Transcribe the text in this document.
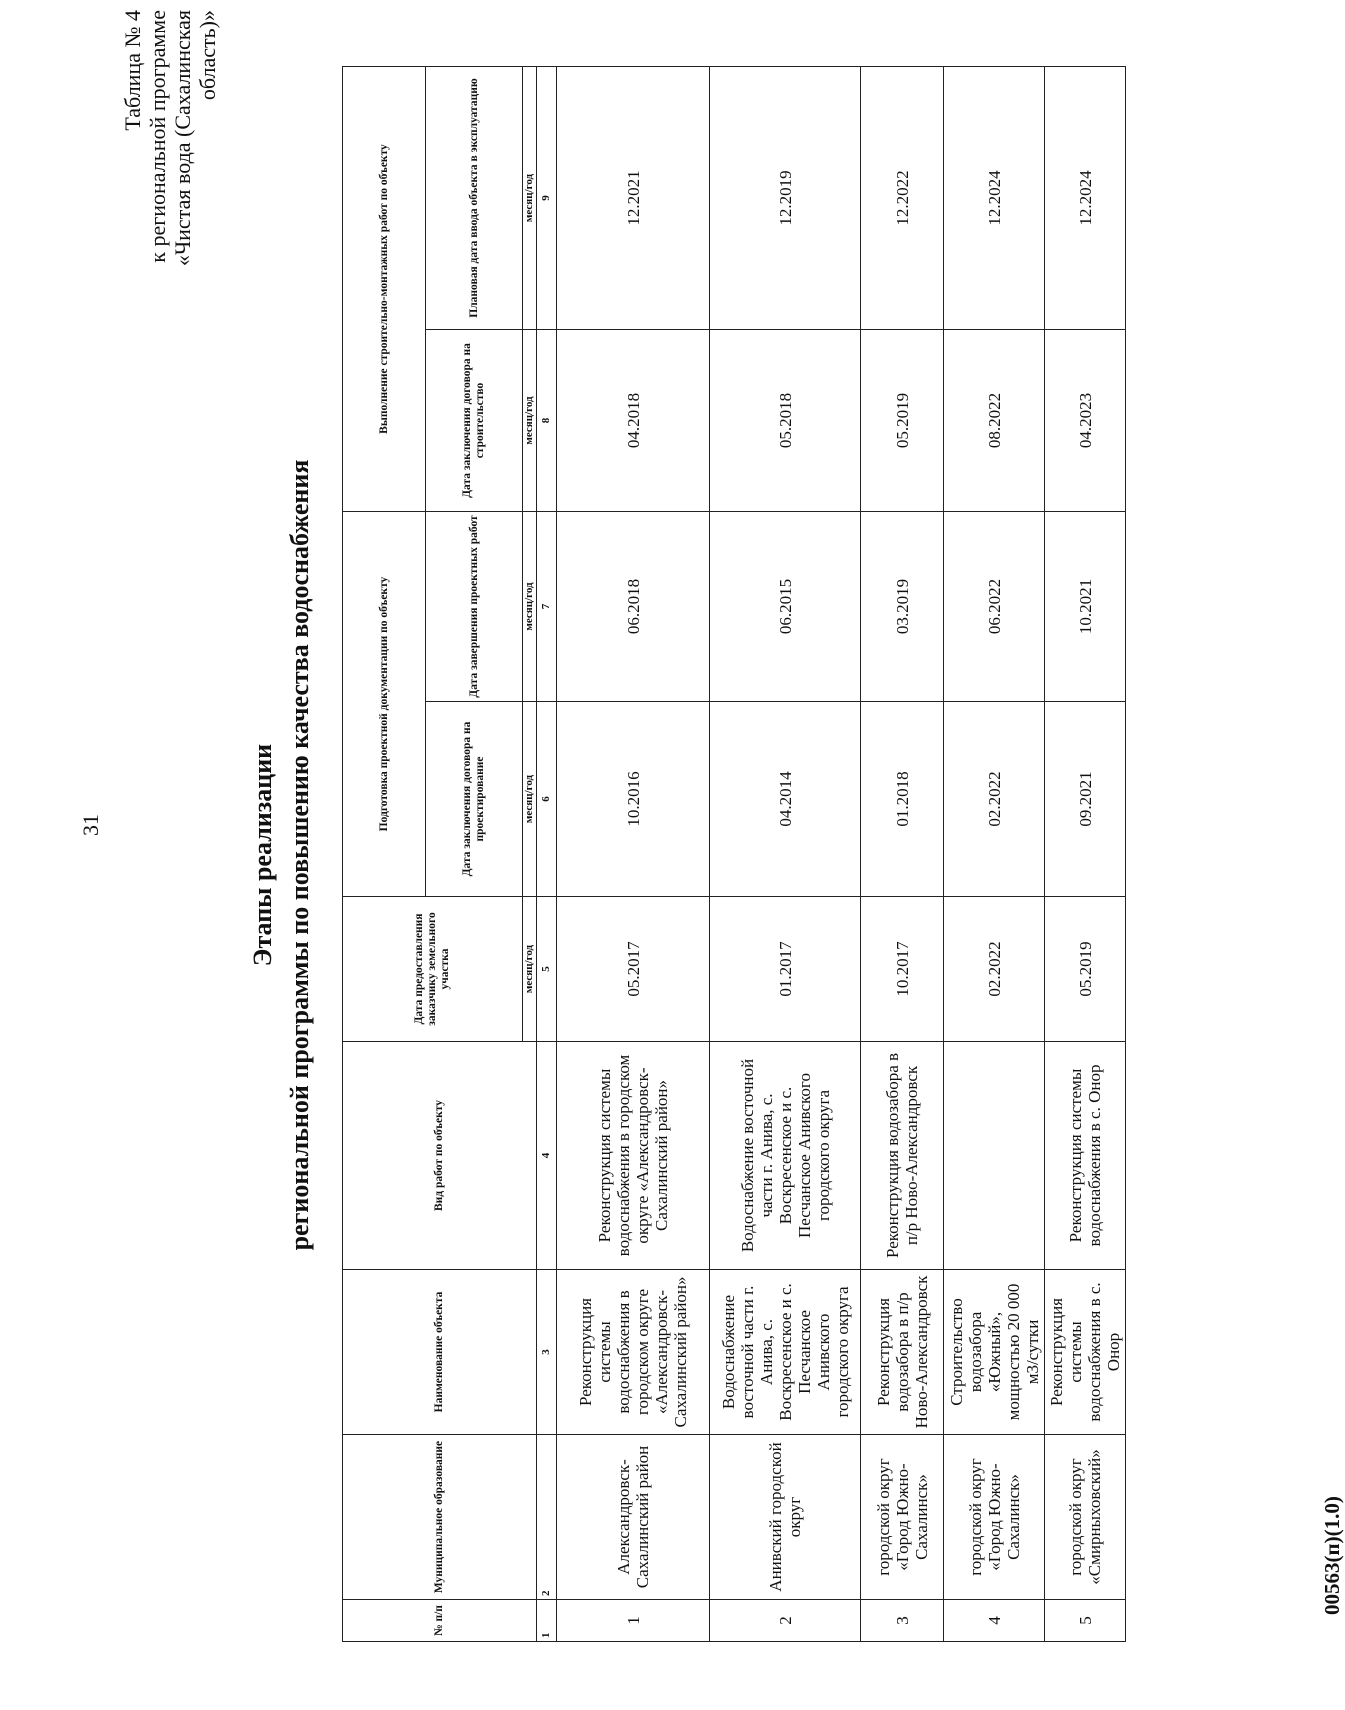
31
Таблица № 4 к региональной программе «Чистая вода (Сахалинская область)»
Этапы реализации региональной программы по повышению качества водоснабжения
№ п/п	Муниципальное образование	Наименование объекта	Вид работ по объекту	Дата предоставления заказчику земельного участка	Подготовка проектной документации по объекту		Выполнение строительно-монтажных работ по объекту	
					Дата заключения договора на проектирование	Дата завершения проектных работ	Дата заключения договора на строительство	Плановая дата ввода объекта в эксплуатацию
				месяц/год	месяц/год	месяц/год	месяц/год	месяц/год
1	2	3	4	5	6	7	8	9
1	Александровск-Сахалинский район	Реконструкция системы водоснабжения в городском округе «Александровск-Сахалинский район»	Реконструкция системы водоснабжения в городском округе «Александровск-Сахалинский район»	05.2017	10.2016	06.2018	04.2018	12.2021
2	Анивский городской округ	Водоснабжение восточной части г. Анива, с. Воскресенское и с. Песчанское Анивского городского округа	Водоснабжение восточной части г. Анива, с. Воскресенское и с. Песчанское Анивского городского округа	01.2017	04.2014	06.2015	05.2018	12.2019
3	городской округ «Город Южно-Сахалинск»	Реконструкция водозабора в п/р Ново-Александровск	Реконструкция водозабора в п/р Ново-Александровск	10.2017	01.2018	03.2019	05.2019	12.2022
4	городской округ «Город Южно-Сахалинск»	Строительство водозабора «Южный», мощностью 20 000 м3/сутки		02.2022	02.2022	06.2022	08.2022	12.2024
5	городской округ «Смирныховский»	Реконструкция системы водоснабжения в с. Онор	Реконструкция системы водоснабжения в с. Онор	05.2019	09.2021	10.2021	04.2023	12.2024
00563(п)(1.0)
